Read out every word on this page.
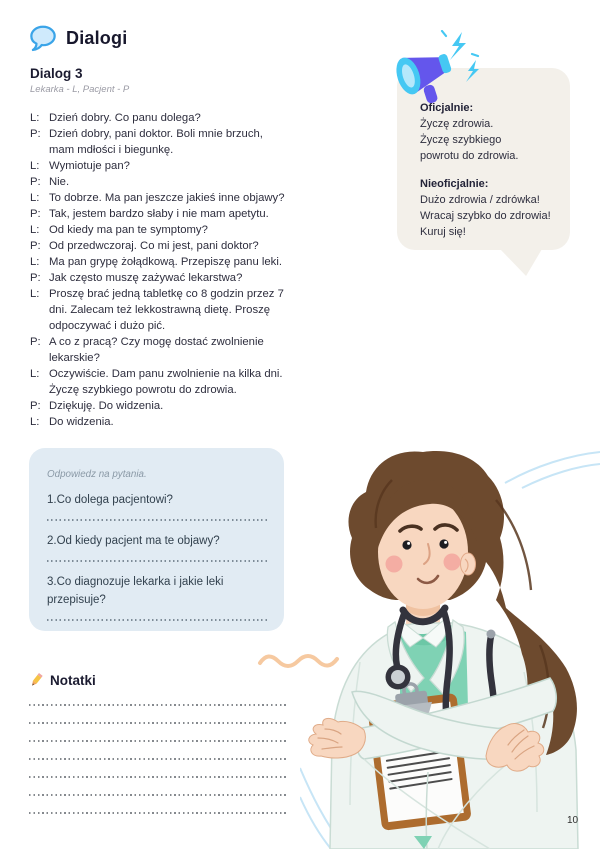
Dialogi
Dialog 3
Lekarka - L, Pacjent - P
L: Dzień dobry. Co panu dolega?
P: Dzień dobry, pani doktor. Boli mnie brzuch,
mam mdłości i biegunkę.
L: Wymiotuje pan?
P: Nie.
L: To dobrze. Ma pan jeszcze jakieś inne objawy?
P: Tak, jestem bardzo słaby i nie mam apetytu.
L: Od kiedy ma pan te symptomy?
P: Od przedwczoraj. Co mi jest, pani doktor?
L: Ma pan grypę żołądkową. Przepiszę panu leki.
P: Jak często muszę zażywać lekarstwa?
L: Proszę brać jedną tabletkę co 8 godzin przez 7
dni. Zalecam też lekkostrawną dietę. Proszę
odpoczywać i dużo pić.
P: A co z pracą? Czy mogę dostać zwolnienie
lekarskie?
L: Oczywiście. Dam panu zwolnienie na kilka dni.
Życzę szybkiego powrotu do zdrowia.
P: Dziękuję. Do widzenia.
L: Do widzenia.
Oficjalnie:
Życzę zdrowia.
Życzę szybkiego
powrotu do zdrowia.
Nieoficjalnie:
Dużo zdrowia / zdrówka!
Wracaj szybko do zdrowia!
Kuruj się!
Odpowiedz na pytania.
1.Co dolega pacjentowi?
2.Od kiedy pacjent ma te objawy?
3.Co diagnozuje lekarka i jakie leki
przepisuje?
Notatki
10
